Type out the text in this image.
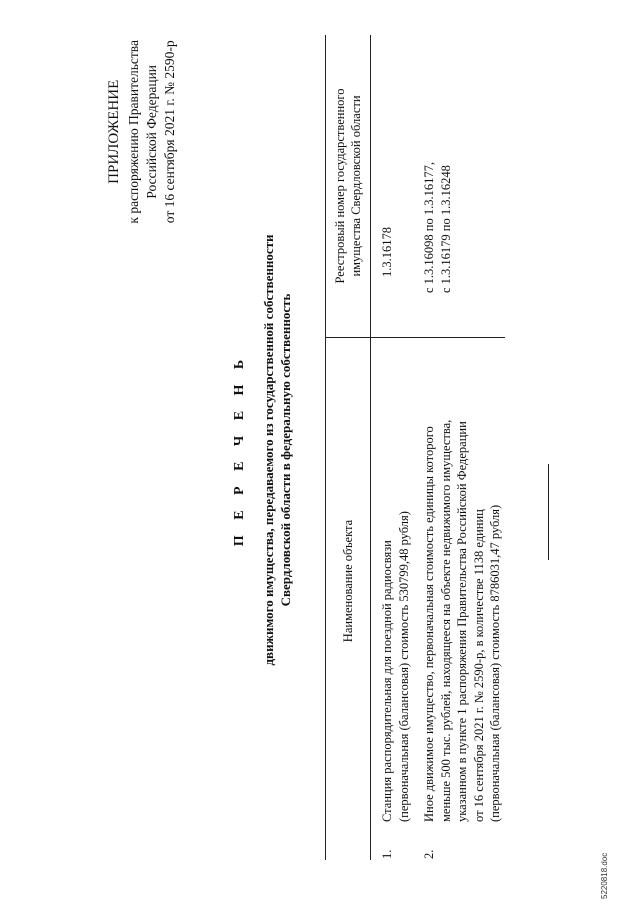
ПРИЛОЖЕНИЕ к распоряжению Правительства Российской Федерации от 16 сентября 2021 г. № 2590-р
П Е Р Е Ч Е Н Ь движимого имущества, передаваемого из государственной собственности Свердловской области в федеральную собственность
		Наименование объекта	Реестровый номер государственного имущества Свердловской области
1.	Станция распорядительная для поездной радиосвязи (первоначальная (балансовая) стоимость 530799,48 рубля)	1.3.16178

2.	Иное движимое имущество, первоначальная стоимость единицы которого меньше 500 тыс. рублей, находящееся на объекте недвижимого имущества, указанном в пункте 1 распоряжения Правительства Российской Федерации от 16 сентября 2021 г. № 2590-р, в количестве 1138 единиц (первоначальная (балансовая) стоимость 8786031,47 рубля)	с 1.3.16098 по 1.3.16177, с 1.3.16179 по 1.3.16248
5220818.doc
